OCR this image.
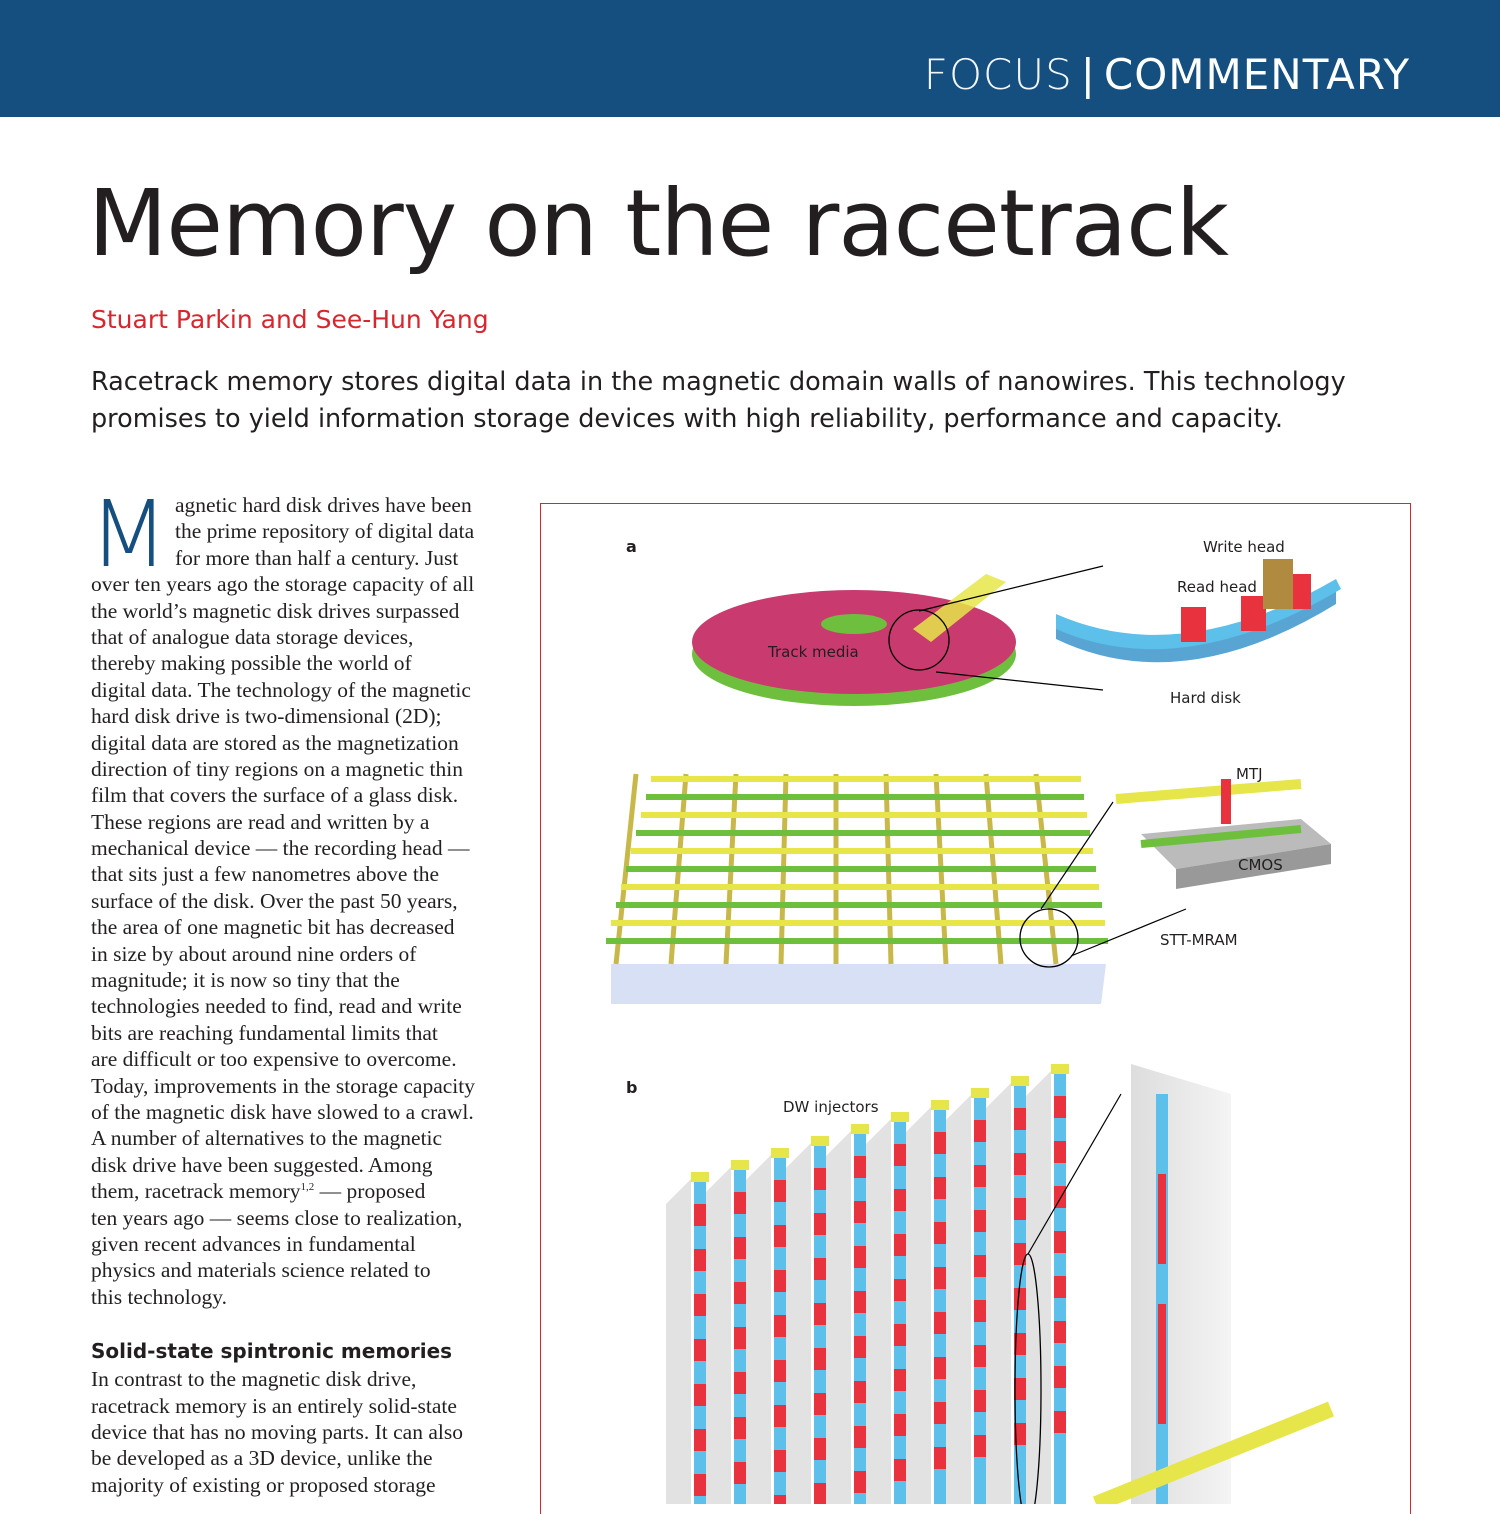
FOCUS | COMMENTARY
Memory on the racetrack
Stuart Parkin and See-Hun Yang
Racetrack memory stores digital data in the magnetic domain walls of nanowires. This technology promises to yield information storage devices with high reliability, performance and capacity.
M agnetic hard disk drives have been
the prime repository of digital data
for more than half a century. Just
over ten years ago the storage capacity of all
the world’s magnetic disk drives surpassed
that of analogue data storage devices,
thereby making possible the world of
digital data. The technology of the magnetic
hard disk drive is two-dimensional (2D);
digital data are stored as the magnetization
direction of tiny regions on a magnetic thin
film that covers the surface of a glass disk.
These regions are read and written by a
mechanical device — the recording head —
that sits just a few nanometres above the
surface of the disk. Over the past 50 years,
the area of one magnetic bit has decreased
in size by about around nine orders of
magnitude; it is now so tiny that the
technologies needed to find, read and write
bits are reaching fundamental limits that
are difficult or too expensive to overcome.
Today, improvements in the storage capacity
of the magnetic disk have slowed to a crawl.
A number of alternatives to the magnetic
disk drive have been suggested. Among
them, racetrack memory$^{1,2}$ — proposed
ten years ago — seems close to realization,
given recent advances in fundamental
physics and materials science related to
this technology.
Solid-state spintronic memories
In contrast to the magnetic disk drive,
racetrack memory is an entirely solid-state
device that has no moving parts. It can also
be developed as a 3D device, unlike the
majority of existing or proposed storage
a
b
Write head
Read head
Track media
Hard disk
MTJ
CMOS
STT-MRAM
DW injectors
